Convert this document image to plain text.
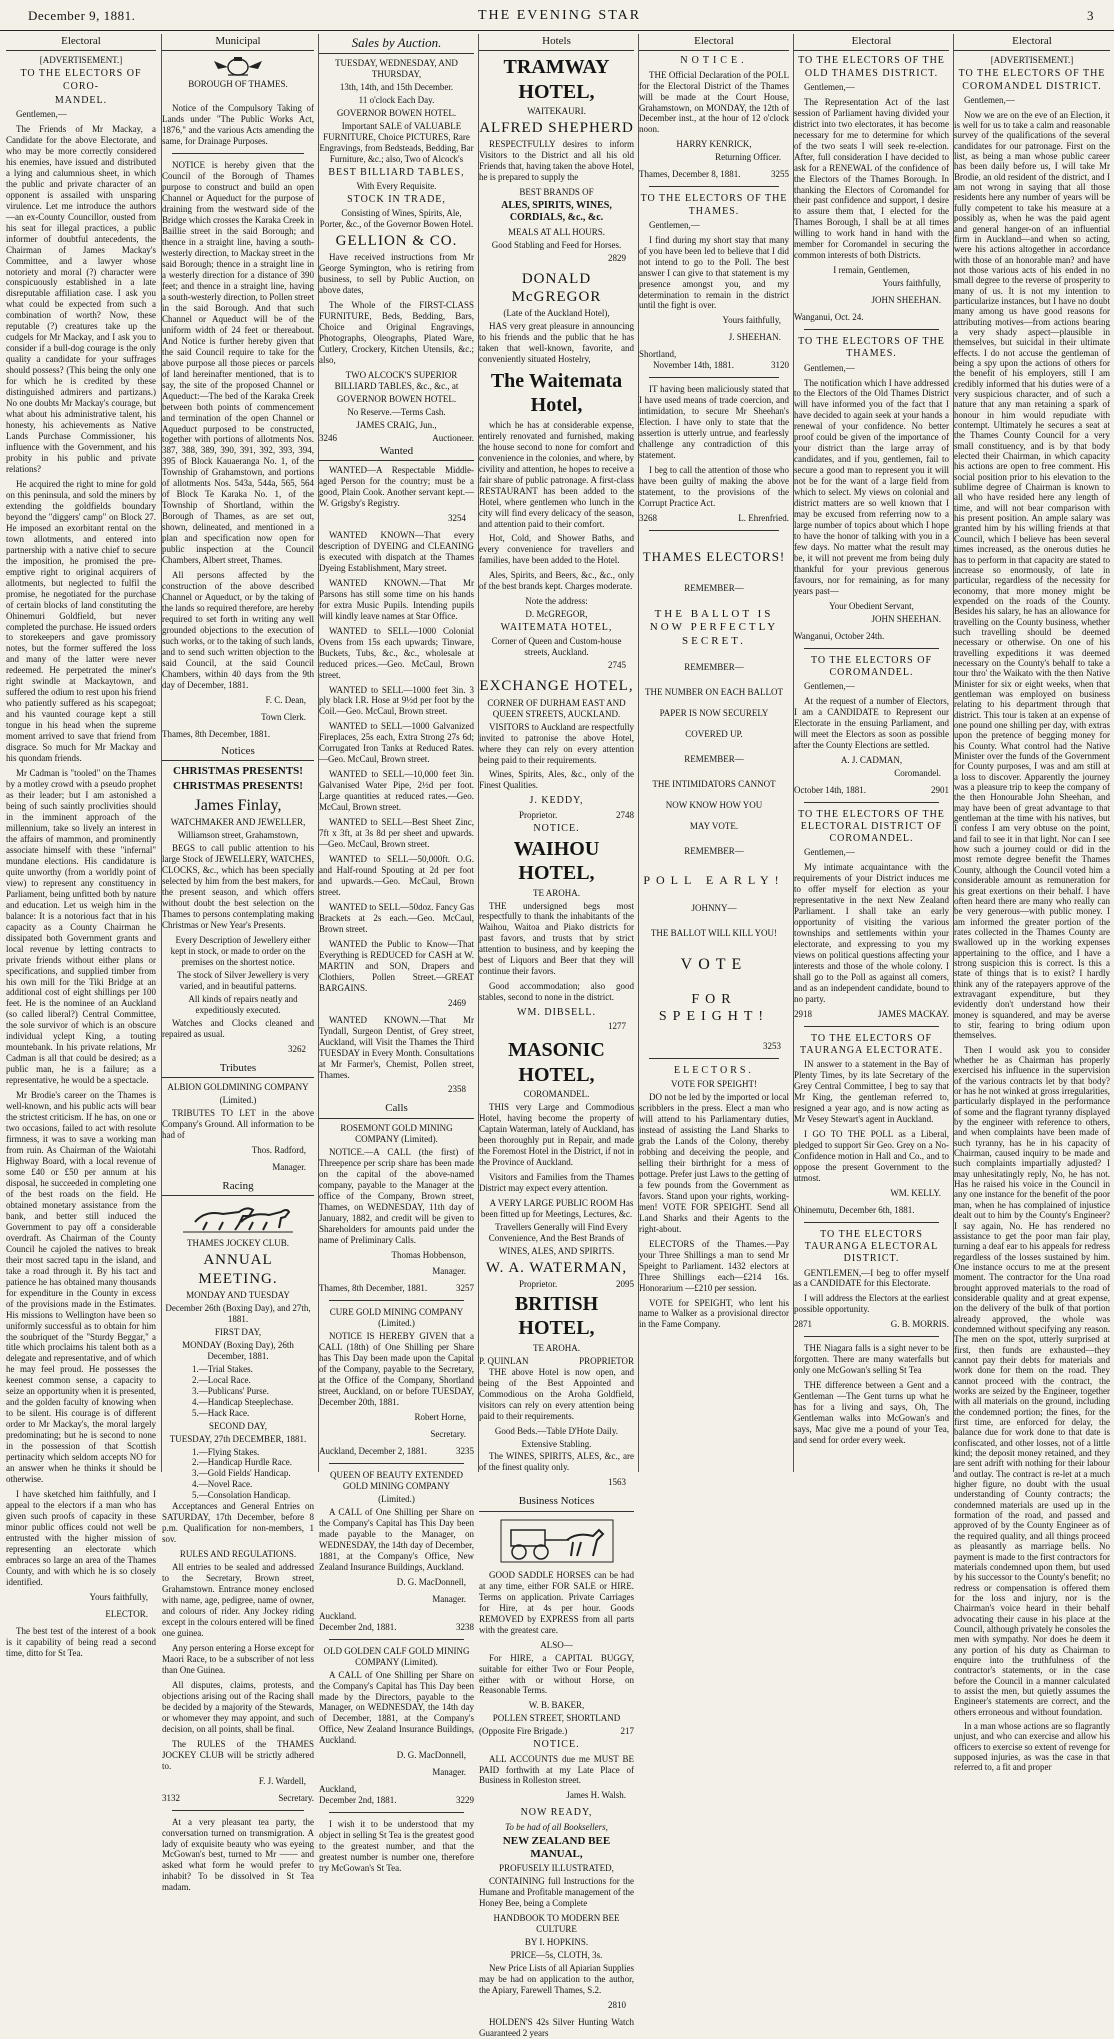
December 9, 1881.	THE EVENING STAR	3
Electoral
[ADVERTISEMENT.]
TO THE ELECTORS OF CORO-
MANDEL.

Gentlemen,—

The Friends of Mr Mackay, a Candidate for the above Electorate, and who may be more correctly considered his enemies, have issued and distributed a lying and calumnious sheet, in which the public and private character of an opponent is assailed with unsparing virulence. Let me introduce the authors—an ex-County Councillor, ousted from his seat for illegal practices, a public informer of doubtful antecedents, the Chairman of James Mackay's Committee, and a lawyer whose notoriety and moral (?) character were conspicuously established in a late disreputable affiliation case. I ask you what could be expected from such a combination of worth? Now, these reputable (?) creatures take up the cudgels for Mr Mackay, and I ask you to consider if a bull-dog courage is the only quality a candidate for your suffrages should possess? (This being the only one for which he is credited by these distinguished admirers and partizans.) No one doubts Mr Mackay's courage, but what about his administrative talent, his honesty, his achievements as Native Lands Purchase Commissioner, his influence with the Government, and his probity in his public and private relations?

He acquired the right to mine for gold on this peninsula, and sold the miners by extending the goldfields boundary beyond the "diggers' camp" on Block 27. He imposed an exorbitant rental on the town allotments, and entered into partnership with a native chief to secure the imposition, he promised the pre-emptive right to original acquirers of allotments, but neglected to fulfil the promise, he negotiated for the purchase of certain blocks of land constituting the Ohinemuri Goldfield, but never completed the purchase. He issued orders to storekeepers and gave promissory notes, but the former suffered the loss and many of the latter were never redeemed. He perpetrated the miner's right swindle at Mackaytown, and suffered the odium to rest upon his friend who patiently suffered as his scapegoat; and his vaunted courage kept a still tongue in his head when the supreme moment arrived to save that friend from disgrace. So much for Mr Mackay and his quondam friends.

Mr Cadman is "tooled" on the Thames by a motley crowd with a pseudo prophet as their leader; but I am astonished a being of such saintly proclivities should in the imminent approach of the millennium, take so lively an interest in the affairs of mammon, and prominently associate himself with these "infernal" mundane elections. His candidature is quite unworthy (from a worldly point of view) to represent any constituency in Parliament, being unfitted both by nature and education. Let us weigh him in the balance: It is a notorious fact that in his capacity as a County Chairman he dissipated both Government grants and local revenue by letting contracts to private friends without either plans or specifications, and supplied timber from his own mill for the Tiki Bridge at an additional cost of eight shillings per 100 feet. He is the nominee of an Auckland (so called liberal?) Central Committee, the sole survivor of which is an obscure individual yclept King, a touting mountebank. In his private relations, Mr Cadman is all that could be desired; as a public man, he is a failure; as a representative, he would be a spectacle.

Mr Brodie's career on the Thames is well-known, and his public acts will bear the strictest criticism. If he has, on one or two occasions, failed to act with resolute firmness, it was to save a working man from ruin. As Chairman of the Waiotahi Highway Board, with a local revenue of some £40 or £50 per annum at his disposal, he succeeded in completing one of the best roads on the field. He obtained monetary assistance from the bank, and better still induced the Government to pay off a considerable overdraft. As Chairman of the County Council he cajoled the natives to break their most sacred tapu in the island, and take a road through it. By his tact and patience he has obtained many thousands for expenditure in the County in excess of the provisions made in the Estimates. His missions to Wellington have been so uniformly successful as to obtain for him the soubriquet of the "Sturdy Beggar," a title which proclaims his talent both as a delegate and representative, and of which he may feel proud. He possesses the keenest common sense, a capacity to seize an opportunity when it is presented, and the golden faculty of knowing when to be silent. His courage is of different order to Mr Mackay's, the moral largely predominating; but he is second to none in the possession of that Scottish pertinacity which seldom accepts NO for an answer when he thinks it should be otherwise.

I have sketched him faithfully, and I appeal to the electors if a man who has given such proofs of capacity in these minor public offices could not well be entrusted with the higher mission of representing an electorate which embraces so large an area of the Thames County, and with which he is so closely identified.

Yours faithfully,
ELECTOR.

The best test of the interest of a book is it capability of being read a second time, ditto for St Tea.

Municipal
BOROUGH OF THAMES.

Notice of the Compulsory Taking of Lands under "The Public Works Act, 1876," and the various Acts amending the same, for Drainage Purposes.

NOTICE is hereby given that the Council of the Borough of Thames purpose to construct and build an open Channel or Aqueduct for the purpose of draining from the westward side of the Bridge which crosses the Karaka Creek in Baillie street in the said Borough; and thence in a straight line, having a south-westerly direction, to Mackay street in the said Borough; thence in a straight line in a westerly direction for a distance of 390 feet; and thence in a straight line, having a south-westerly direction, to Pollen street in the said Borough. And that such Channel or Aqueduct will be of the uniform width of 24 feet or thereabout. And Notice is further hereby given that the said Council require to take for the above purpose all those pieces or parcels of land hereinafter mentioned, that is to say, the site of the proposed Channel or Aqueduct:—The bed of the Karaka Creek between both points of commencement and termination of the open Channel or Aqueduct purposed to be constructed, together with portions of allotments Nos. 387, 388, 389, 390, 391, 392, 393, 394, 395 of Block Kauaeranga No. 1, of the Township of Grahamstown, and portions of allotments Nos. 543a, 544a, 565, 564 of Block Te Karaka No. 1, of the Township of Shortland, within the Borough of Thames, as are set out, shown, delineated, and mentioned in a plan and specification now open for public inspection at the Council Chambers, Albert street, Thames.

All persons affected by the construction of the above described Channel or Aqueduct, or by the taking of the lands so required therefore, are hereby required to set forth in writing any well grounded objections to the execution of such works, or to the taking of such lands, and to send such written objection to the said Council, at the said Council Chambers, within 40 days from the 9th day of December, 1881.

F. C. Dean,
Town Clerk.
Thames, 8th December, 1881.
Notices
CHRISTMAS PRESENTS!
CHRISTMAS PRESENTS!
James Finlay,
WATCHMAKER AND JEWELLER,
Williamson street, Grahamstown,

BEGS to call public attention to his large Stock of JEWELLERY, WATCHES, CLOCKS, &c., which has been specially selected by him from the best makers, for the present season, and which offers without doubt the best selection on the Thames to persons contemplating making Christmas or New Year's Presents.

Every Description of Jewellery either kept in stock, or made to order on the premises on the shortest notice.

The stock of Silver Jewellery is very varied, and in beautiful patterns.

All kinds of repairs neatly and expeditiously executed.

Watches and Clocks cleaned and repaired as usual.

3262
Tributes
ALBION GOLDMINING COMPANY
(Limited.)

TRIBUTES TO LET in the above Company's Ground. All information to be had of

Thos. Radford,
Manager.
Racing
THAMES JOCKEY CLUB.
ANNUAL MEETING.
MONDAY AND TUESDAY
December 26th (Boxing Day), and 27th, 1881.
FIRST DAY,
MONDAY (Boxing Day), 26th December, 1881.
1.—Trial Stakes.
2.—Local Race.
3.—Publicans' Purse.
4.—Handicap Steeplechase.
5.—Hack Race.
SECOND DAY,
TUESDAY, 27th DECEMBER, 1881.
1.—Flying Stakes.
2.—Handicap Hurdle Race.
3.—Gold Fields' Handicap.
4.—Novel Race.
5.—Consolation Handicap.

Acceptances and General Entries on SATURDAY, 17th December, before 8 p.m. Qualification for non-members, 1 sov.

RULES AND REGULATIONS.

All entries to be sealed and addressed to the Secretary, Brown street, Grahamstown. Entrance money enclosed with name, age, pedigree, name of owner, and colours of rider. Any Jockey riding except in the colours entered will be fined one guinea.

Any person entering a Horse except for Maori Race, to be a subscriber of not less than One Guinea.

All disputes, claims, protests, and objections arising out of the Racing shall be decided by a majority of the Stewards, or whomever they may appoint, and such decision, on all points, shall be final.

The RULES of the THAMES JOCKEY CLUB will be strictly adhered to.

F. J. Wardell,
3132	Secretary.

At a very pleasant tea party, the conversation turned on transmigration. A lady of exquisite beauty who was eyeing McGowan's best, turned to Mr —— and asked what form he would prefer to inhabit? To be dissolved in St Tea madam.

Sales by Auction.
TUESDAY, WEDNESDAY, AND THURSDAY,
13th, 14th, and 15th December.
11 o'clock Each Day.
GOVERNOR BOWEN HOTEL.

Important SALE of VALUABLE FURNITURE, Choice PICTURES, Rare Engravings, from Bedsteads, Bedding, Bar Furniture, &c.; also, Two of Alcock's

BEST BILLIARD TABLES,
With Every Requisite.
STOCK IN TRADE,

Consisting of Wines, Spirits, Ale, Porter, &c., of the Governor Bowen Hotel.

GELLION & CO.

Have received instructions from Mr George Symington, who is retiring from business, to sell by Public Auction, on above dates,

The Whole of the FIRST-CLASS FURNITURE, Beds, Bedding, Bars, Choice and Original Engravings, Photographs, Oleographs, Plated Ware, Cutlery, Crockery, Kitchen Utensils, &c.; also,

TWO ALCOCK'S SUPERIOR BILLIARD TABLES, &c., &c., at

GOVERNOR BOWEN HOTEL.
No Reserve.—Terms Cash.
JAMES CRAIG, Jun.,
3246	Auctioneer.
Wanted

WANTED—A Respectable Middle-aged Person for the country; must be a good, Plain Cook. Another servant kept.—W. Grigsby's Registry.

3254

WANTED KNOWN—That every description of DYEING and CLEANING is executed with dispatch at the Thames Dyeing Establishment, Mary street.

WANTED KNOWN.—That Mr Parsons has still some time on his hands for extra Music Pupils. Intending pupils will kindly leave names at Star Office.

WANTED to SELL—1000 Colonial Ovens from 15s each upwards; Tinware, Buckets, Tubs, &c., &c., wholesale at reduced prices.—Geo. McCaul, Brown street.

WANTED to SELL—1000 feet 3in. 3 ply black I.R. Hose at 9½d per foot by the Coil.—Geo. McCaul, Brown street.

WANTED to SELL—1000 Galvanized Fireplaces, 25s each, Extra Strong 27s 6d; Corrugated Iron Tanks at Reduced Rates.—Geo. McCaul, Brown street.

WANTED to SELL—10,000 feet 3in. Galvanised Water Pipe, 2½d per foot. Large quantities at reduced rates.—Geo. McCaul, Brown street.

WANTED to SELL—Best Sheet Zinc, 7ft x 3ft, at 3s 8d per sheet and upwards.—Geo. McCaul, Brown street.

WANTED to SELL—50,000ft. O.G. and Half-round Spouting at 2d per foot and upwards.—Geo. McCaul, Brown street.

WANTED to SELL—50doz. Fancy Gas Brackets at 2s each.—Geo. McCaul, Brown street.

WANTED the Public to Know—That Everything is REDUCED for CASH at W. MARTIN and SON, Drapers and Clothiers, Pollen Street.—GREAT BARGAINS.

2469

WANTED KNOWN.—That Mr Tyndall, Surgeon Dentist, of Grey street, Auckland, will Visit the Thames the Third TUESDAY in Every Month. Consultations at Mr Farmer's, Chemist, Pollen street, Thames.

2358
Calls
ROSEMONT GOLD MINING COMPANY (Limited).

NOTICE.—A CALL (the first) of Threepence per scrip share has been made on the capital of the above-named company, payable to the Manager at the office of the Company, Brown street, Thames, on WEDNESDAY, 11th day of January, 1882, and credit will be given to Shareholders for amounts paid under the name of Preliminary Calls.

Thomas Hobbenson,
Manager.
Thames, 8th December, 1881.	3257
CURE GOLD MINING COMPANY (Limited.)

NOTICE IS HEREBY GIVEN that a CALL (18th) of One Shilling per Share has This Day been made upon the Capital of the Company, payable to the Secretary, at the Office of the Company, Shortland street, Auckland, on or before TUESDAY, December 20th, 1881.

Robert Horne,
Secretary.
Auckland, December 2, 1881.	3235
QUEEN OF BEAUTY EXTENDED GOLD MINING COMPANY
(Limited.)

A CALL of One Shilling per Share on the Company's Capital has This Day been made payable to the Manager, on WEDNESDAY, the 14th day of December, 1881, at the Company's Office, New Zealand Insurance Buildings, Auckland.

D. G. MacDonnell,
Manager.
Auckland.
December 2nd, 1881.	3238
OLD GOLDEN CALF GOLD MINING COMPANY (Limited).

A CALL of One Shilling per Share on the Company's Capital has This Day been made by the Directors, payable to the Manager, on WEDNESDAY, the 14th day of December, 1881, at the Company's Office, New Zealand Insurance Buildings, Auckland.

D. G. MacDonnell,
Manager.
Auckland,
December 2nd, 1881.	3229

I wish it to be understood that my object in selling St Tea is the greatest good to the greatest number, and that the greatest number is number one, therefore try McGowan's St Tea.

Hotels
TRAMWAY HOTEL,
WAITEKAURI.
ALFRED SHEPHERD

RESPECTFULLY desires to inform Visitors to the District and all his old Friends that, having taken the above Hotel, he is prepared to supply the

BEST BRANDS OF
ALES, SPIRITS, WINES, CORDIALS, &c., &c.
MEALS AT ALL HOURS.
Good Stabling and Feed for Horses.
2829
DONALD McGREGOR
(Late of the Auckland Hotel),

HAS very great pleasure in announcing to his friends and the public that he has taken that well-known, favorite, and conveniently situated Hostelry,

The Waitemata Hotel,

which he has at considerable expense, entirely renovated and furnished, making the house second to none for comfort and convenience in the colonies, and where, by civility and attention, he hopes to receive a fair share of public patronage. A first-class RESTAURANT has been added to the Hotel, where gentlemen who lunch in the city will find every delicacy of the season, and attention paid to their comfort.

Hot, Cold, and Shower Baths, and every convenience for travellers and families, have been added to the Hotel.

Ales, Spirits, and Beers, &c., &c., only of the best brands kept. Charges moderate.

Note the address:
D. McGREGOR,
WAITEMATA HOTEL,
Corner of Queen and Custom-house streets, Auckland.
2745
EXCHANGE HOTEL,
CORNER OF DURHAM EAST AND QUEEN STREETS, AUCKLAND.

VISITORS to Auckland are respectfully invited to patronise the above Hotel, where they can rely on every attention being paid to their requirements.

Wines, Spirits, Ales, &c., only of the Finest Qualities.

J. KEDDY,
Proprietor.	2748
NOTICE.
WAIHOU HOTEL,
TE AROHA.

THE undersigned begs most respectfully to thank the inhabitants of the Waihou, Waitoa and Piako districts for past favors, and trusts that by strict attention to business, and by keeping the best of Liquors and Beer that they will continue their favors.

Good accommodation; also good stables, second to none in the district.

WM. DIBSELL.
1277
MASONIC HOTEL,
COROMANDEL.

THIS very Large and Commodious Hotel, having become the property of Captain Waterman, lately of Auckland, has been thoroughly put in Repair, and made the Foremost Hotel in the District, if not in the Province of Auckland.

Visitors and Families from the Thames District may expect every attention.

A VERY LARGE PUBLIC ROOM Has been fitted up for Meetings, Lectures, &c.

Travellers Generally will Find Every Convenience, And the Best Brands of

WINES, ALES, AND SPIRITS.
W. A. WATERMAN,
Proprietor.	2095
BRITISH HOTEL,
TE AROHA.
P. QUINLAN	PROPRIETOR

THE above Hotel is now open, and being of the Best Appointed and Commodious on the Aroha Goldfield, visitors can rely on every attention being paid to their requirements.

Good Beds.—Table D'Hote Daily.
Extensive Stabling.

The WINES, SPIRITS, ALES, &c., are of the finest quality only.

1563
Business Notices

GOOD SADDLE HORSES can be had at any time, either FOR SALE or HIRE. Terms on application. Private Carriages for Hire, at 4s per hour. Goods REMOVED by EXPRESS from all parts with the greatest care.

ALSO—

For HIRE, a CAPITAL BUGGY, suitable for either Two or Four People, either with or without Horse, on Reasonable Terms.

W. B. BAKER,
POLLEN STREET, SHORTLAND
(Opposite Fire Brigade.)	217
NOTICE.

ALL ACCOUNTS due me MUST BE PAID forthwith at my Late Place of Business in Rolleston street.

James H. Walsh.
NOW READY,
To be had of all Booksellers,
NEW ZEALAND BEE MANUAL,
PROFUSELY ILLUSTRATED,

CONTAINING full Instructions for the Humane and Profitable management of the Honey Bee, being a Complete

HANDBOOK TO MODERN BEE CULTURE
BY I. HOPKINS.
PRICE—5s, CLOTH, 3s.

New Price Lists of all Apiarian Supplies may be had on application to the author, the Apiary, Farewell Thames, S.2.

2810

HOLDEN'S 42s Silver Hunting Watch Guaranteed 2 years

Electoral
NOTICE.

THE Official Declaration of the POLL for the Electoral District of the Thames will be made at the Court House, Grahamstown, on MONDAY, the 12th of December inst., at the hour of 12 o'clock noon.

HARRY KENRICK,
Returning Officer.
Thames, December 8, 1881.	3255
TO THE ELECTORS OF THE THAMES.

Gentlemen,—

I find during my short stay that many of you have been led to believe that I did not intend to go to the Poll. The best answer I can give to that statement is my presence amongst you, and my determination to remain in the district until the fight is over.

Yours faithfully,
J. SHEEHAN.
Shortland,
November 14th, 1881.	3120

IT having been maliciously stated that I have used means of trade coercion, and intimidation, to secure Mr Sheehan's Election. I have only to state that the assertion is utterly untrue, and fearlessly challenge any contradiction of this statement.

I beg to call the attention of those who have been guilty of making the above statement, to the provisions of the Corrupt Practice Act.

3268	L. Ehrenfried.
THAMES ELECTORS!
REMEMBER—
THE BALLOT IS NOW PERFECTLY SECRET.
REMEMBER—
THE NUMBER ON EACH BALLOT
PAPER IS NOW SECURELY
COVERED UP.
REMEMBER—
THE INTIMIDATORS CANNOT
NOW KNOW HOW YOU
MAY VOTE.
REMEMBER—
POLL EARLY!
JOHNNY—
THE BALLOT WILL KILL YOU!
VOTE
FOR SPEIGHT!
3253
ELECTORS.
VOTE FOR SPEIGHT!

DO not be led by the imported or local scribblers in the press. Elect a man who will attend to his Parliamentary duties, instead of assisting the Land Sharks to grab the Lands of the Colony, thereby robbing and deceiving the people, and selling their birthright for a mess of pottage. Prefer just Laws to the getting of a few pounds from the Government as favors. Stand upon your rights, working-men! VOTE FOR SPEIGHT. Send all Land Sharks and their Agents to the right-about.

ELECTORS of the Thames.—Pay your Three Shillings a man to send Mr Speight to Parliament. 1432 electors at Three Shillings each—£214 16s. Honorarium —£210 per session.

VOTE for SPEIGHT, who lent his name to Walker as a provisional director in the Fame Company.

Electoral
TO THE ELECTORS OF THE OLD THAMES DISTRICT.

Gentlemen,—

The Representation Act of the last session of Parliament having divided your district into two electorates, it has become necessary for me to determine for which of the two seats I will seek re-election. After, full consideration I have decided to ask for a RENEWAL of the confidence of the Electors of the Thames Borough. In thanking the Electors of Coromandel for their past confidence and support, I desire to assure them that, I elected for the Thames Borough, I shall be at all times willing to work hand in hand with the member for Coromandel in securing the common interests of both Districts.

I remain, Gentlemen,
Yours faithfully,
JOHN SHEEHAN.
Wanganui, Oct. 24.
TO THE ELECTORS OF THE THAMES.

Gentlemen,—

The notification which I have addressed to the Electors of the Old Thames District will have informed you of the fact that I have decided to again seek at your hands a renewal of your confidence. No better proof could be given of the importance of your district than the large array of candidates, and if you, gentlemen, fail to secure a good man to represent you it will not be for the want of a large field from which to select. My views on colonial and district matters are so well known that I may be excused from referring now to a large number of topics about which I hope to have the honor of talking with you in a few days. No matter what the result may be, it will not prevent me from being duly thankful for your previous generous favours, nor for remaining, as for many years past—

Your Obedient Servant,
JOHN SHEEHAN.
Wanganui, October 24th.
TO THE ELECTORS OF COROMANDEL.

Gentlemen,—

At the request of a number of Electors, I am a CANDIDATE to Represent our Electorate in the ensuing Parliament, and will meet the Electors as soon as possible after the County Elections are settled.

A. J. CADMAN,
Coromandel.
October 14th, 1881.	2901
TO THE ELECTORS OF THE ELECTORAL DISTRICT OF COROMANDEL.

Gentlemen,—

My intimate acquaintance with the requirements of your District induces me to offer myself for election as your representative in the next New Zealand Parliament. I shall take an early opportunity of visiting the various townships and settlements within your electorate, and expressing to you my views on political questions affecting your interests and those of the whole colony. I shall go to the Poll as against all comers, and as an independent candidate, bound to no party.

2918	JAMES MACKAY.
TO THE ELECTORS OF TAURANGA ELECTORATE.

IN answer to a statement in the Bay of Plenty Times, by its late Secretary of the Grey Central Committee, I beg to say that Mr King, the gentleman referred to, resigned a year ago, and is now acting as Mr Vesey Stewart's agent in Auckland.

I GO TO THE POLL as a Liberal, pledged to support Sir Geo. Grey on a No-Confidence motion in Hall and Co., and to oppose the present Government to the utmost.

WM. KELLY.
Ohinemutu, December 6th, 1881.
TO THE ELECTORS TAURANGA ELECTORAL DISTRICT.

GENTLEMEN,—I beg to offer myself as a CANDIDATE for this Electorate.

I will address the Electors at the earliest possible opportunity.

2871	G. B. MORRIS.

THE Niagara falls is a sight never to be forgotten. There are many waterfalls but only one McGowan's selling St Tea

THE difference between a Gent and a Gentleman —The Gent turns up what he has for a living and says, Oh, The Gentleman walks into McGowan's and says, Mac give me a pound of your Tea, and send for order every week.

Electoral
[ADVERTISEMENT.]
TO THE ELECTORS OF THE COROMANDEL DISTRICT.

Gentlemen,—

Now we are on the eve of an Election, it is well for us to take a calm and reasonable survey of the qualifications of the several candidates for our patronage. First on the list, as being a man whose public career has been daily before us, I will take Mr Brodie, an old resident of the district, and I am not wrong in saying that all those residents here any number of years will be fully competent to take his measure at a possibly as, when he was the paid agent and general hanger-on of an influential firm in Auckland—and when so acting, were his actions altogether in accordance with those of an honorable man? and have not those various acts of his ended in no small degree to the reverse of prosperity to many of us. It is not my intention to particularize instances, but I have no doubt many among us have good reasons for attributing motives—from actions bearing a very shady aspect—plausible in themselves, but suicidal in their ultimate effects. I do not accuse the gentleman of being a spy upon the actions of others for the benefit of his employers, still I am credibly informed that his duties were of a very suspicious character, and of such a nature that any man retaining a spark of honour in him would repudiate with contempt. Ultimately he secures a seat at the Thames County Council for a very small constituency, and is by that body elected their Chairman, in which capacity his actions are open to free comment. His social position prior to his elevation to the sublime degree of Chairman is known to all who have resided here any length of time, and will not bear comparison with his present position. An ample salary was granted him by his willing friends at that Council, which I believe has been several times increased, as the onerous duties he has to perform in that capacity are stated to increase so enormously, of late in particular, regardless of the necessity for economy, that more money might be expended on the roads of the County. Besides his salary, he has an allowance for travelling on the County business, whether such travelling should be deemed necessary or otherwise. On one of his travelling expeditions it was deemed necessary on the County's behalf to take a tour thro' the Waikato with the then Native Minister for six or eight weeks, when that gentleman was employed on business relating to his department through that district. This tour is taken at an expense of one pound one shilling per day, with extras upon the pretence of begging money for his County. What control had the Native Minister over the funds of the Government for County purposes, I was and am still at a loss to discover. Apparently the journey was a pleasure trip to keep the company of the then Honourable John Sheehan, and may have been of great advantage to that gentleman at the time with his natives, but I confess I am very obtuse on the point, and fail to see it in that light. Nor can I see how such a journey could or did in the most remote degree benefit the Thames County, although the Council voted him a considerable amount as remuneration for his great exertions on their behalf. I have often heard there are many who really can be very generous—with public money. I am informed the greater portion of the rates collected in the Thames County are swallowed up in the working expenses appertaining to the office, and I have a strong suspicion this is correct. Is this a state of things that is to exist? I hardly think any of the ratepayers approve of the extravagant expenditure, but they evidently don't understand how their money is squandered, and may be averse to stir, fearing to bring odium upon themselves.

Then I would ask you to consider whether he as Chairman has properly exercised his influence in the supervision of the various contracts let by that body? or has he not winked at gross irregularities, particularly displayed in the performance of some and the flagrant tyranny displayed by the engineer with reference to others, and when complaints have been made of such tyranny, has he in his capacity of Chairman, caused inquiry to be made and such complaints impartially adjusted? I may unhesitatingly reply, No, he has not. Has he raised his voice in the Council in any one instance for the benefit of the poor man, when he has complained of injustice dealt out to him by the County's Engineer? I say again, No. He has rendered no assistance to get the poor man fair play, turning a deaf ear to his appeals for redress regardless of the losses sustained by him. One instance occurs to me at the present moment. The contractor for the Una road brought approved materials to the road of considerable quality and at great expense, on the delivery of the bulk of that portion already approved, the whole was condemned without specifying any reason. The men on the spot, utterly surprised at first, then funds are exhausted—they cannot pay their debts for materials and work done for them on the road. They cannot proceed with the contract, the works are seized by the Engineer, together with all materials on the ground, including the condemned portion; the fines, for the first time, are enforced for delay, the balance due for work done to that date is confiscated, and other losses, not of a little kind; the deposit money retained, and they are sent adrift with nothing for their labour and outlay. The contract is re-let at a much higher figure, no doubt with the usual understanding of County contracts; the condemned materials are used up in the formation of the road, and passed and approved of by the County Engineer as of the required quality, and all things proceed as pleasantly as marriage bells. No payment is made to the first contractors for materials condemned upon them, but used by his successor to the County's benefit; no redress or compensation is offered them for the loss and injury, nor is the Chairman's voice heard in their behalf advocating their cause in his place at the Council, although privately he consoles the men with sympathy. Nor does he deem it any portion of his duty as Chairman to enquire into the truthfulness of the contractor's statements, or in the case before the Council in a manner calculated to assist the men, but quietly assumes the Engineer's statements are correct, and the others erroneous and without foundation.

In a man whose actions are so flagrantly unjust, and who can exercise and allow his officers to exercise so extent of revenge for supposed injuries, as was the case in that referred to, a fit and proper
